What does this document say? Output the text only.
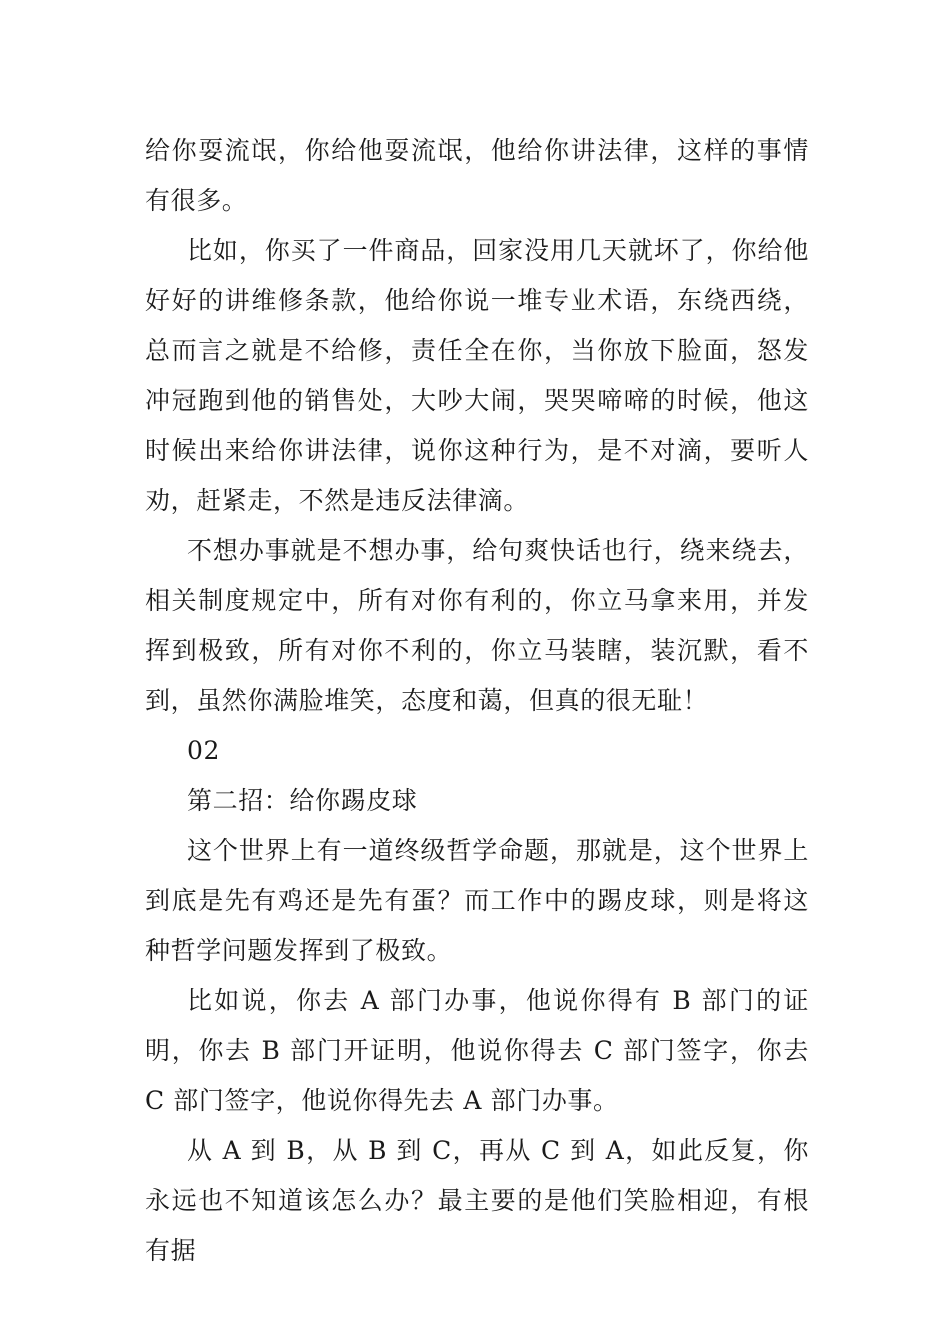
给你耍流氓，你给他耍流氓，他给你讲法律，这样的事情有很多。

比如，你买了一件商品，回家没用几天就坏了，你给他好好的讲维修条款，他给你说一堆专业术语，东绕西绕，总而言之就是不给修，责任全在你，当你放下脸面，怒发冲冠跑到他的销售处，大吵大闹，哭哭啼啼的时候，他这时候出来给你讲法律，说你这种行为，是不对滴，要听人劝，赶紧走，不然是违反法律滴。

不想办事就是不想办事，给句爽快话也行，绕来绕去，相关制度规定中，所有对你有利的，你立马拿来用，并发挥到极致，所有对你不利的，你立马装瞎，装沉默，看不到，虽然你满脸堆笑，态度和蔼，但真的很无耻！

02

第二招：给你踢皮球

这个世界上有一道终级哲学命题，那就是，这个世界上到底是先有鸡还是先有蛋？而工作中的踢皮球，则是将这种哲学问题发挥到了极致。

比如说，你去 A 部门办事，他说你得有 B 部门的证明，你去 B 部门开证明，他说你得去 C 部门签字，你去 C 部门签字，他说你得先去 A 部门办事。

从 A 到 B，从 B 到 C，再从 C 到 A，如此反复，你永远也不知道该怎么办？最主要的是他们笑脸相迎，有根有据
